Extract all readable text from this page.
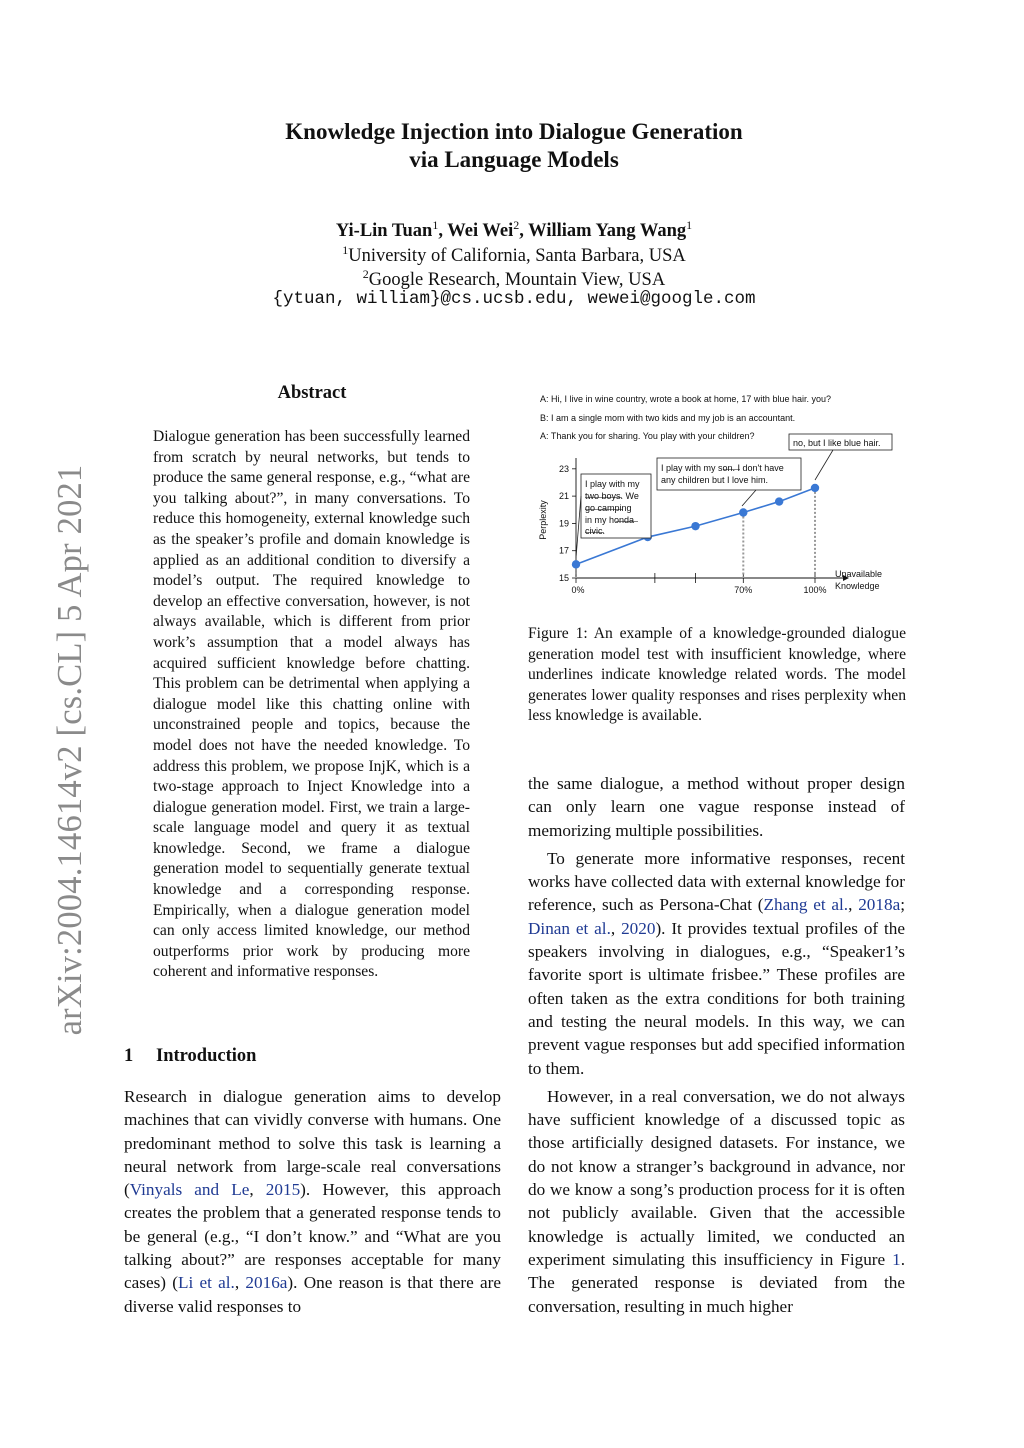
arXiv:2004.14614v2 [cs.CL] 5 Apr 2021
Knowledge Injection into Dialogue Generation
via Language Models
Yi-Lin Tuan$^1$, Wei Wei$^2$, William Yang Wang$^1$
$^1$University of California, Santa Barbara, USA
$^2$Google Research, Mountain View, USA
{ytuan, william}@cs.ucsb.edu, wewei@google.com
Abstract
Dialogue generation has been successfully learned from scratch by neural networks, but tends to produce the same general response, e.g., “what are you talking about?”, in many conversations. To reduce this homogeneity, external knowledge such as the speaker’s profile and domain knowledge is applied as an additional condition to diversify a model’s output. The required knowledge to develop an effective conversation, however, is not always available, which is different from prior work’s assumption that a model always has acquired sufficient knowledge before chatting. This problem can be detrimental when applying a dialogue model like this chatting online with unconstrained people and topics, because the model does not have the needed knowledge. To address this problem, we propose InjK, which is a two-stage approach to Inject Knowledge into a dialogue generation model. First, we train a large-scale language model and query it as textual knowledge. Second, we frame a dialogue generation model to sequentially generate textual knowledge and a corresponding response. Empirically, when a dialogue generation model can only access limited knowledge, our method outperforms prior work by producing more coherent and informative responses.
1 Introduction

Research in dialogue generation aims to develop machines that can vividly converse with humans. One predominant method to solve this task is learning a neural network from large-scale real conversations (Vinyals and Le, 2015). However, this approach creates the problem that a generated response tends to be general (e.g., “I don’t know.” and “What are you talking about?” are responses acceptable for many cases) (Li et al., 2016a). One reason is that there are diverse valid responses to

the same dialogue, a method without proper design can only learn one vague response instead of memorizing multiple possibilities.

To generate more informative responses, recent works have collected data with external knowledge for reference, such as Persona-Chat (Zhang et al., 2018a; Dinan et al., 2020). It provides textual profiles of the speakers involving in dialogues, e.g., “Speaker1’s favorite sport is ultimate frisbee.” These profiles are often taken as the extra conditions for both training and testing the neural models. In this way, we can prevent vague responses but add specified information to them.

However, in a real conversation, we do not always have sufficient knowledge of a discussed topic as those artificially designed datasets. For instance, we do not know a stranger’s background in advance, nor do we know a song’s production process for it is often not publicly available. Given that the accessible knowledge is actually limited, we conducted an experiment simulating this insufficiency in Figure 1. The generated response is deviated from the conversation, resulting in much higher

A: Hi, I live in wine country, wrote a book at home, 17 with blue hair. you?
B: I am a single mom with two kids and my job is an accountant.
A: Thank you for sharing. You play with your children?
15
17
19
21
23
0%	70%	100%
Perplexity
Unavailable
Knowledge
I play with my
two boys. We
go camping
in my honda
civic.
I play with my son. I don't have
any children but I love him.
no, but I like blue hair.
Figure 1: An example of a knowledge-grounded dialogue generation model test with insufficient knowledge, where underlines indicate knowledge related words. The model generates lower quality responses and rises perplexity when less knowledge is available.
